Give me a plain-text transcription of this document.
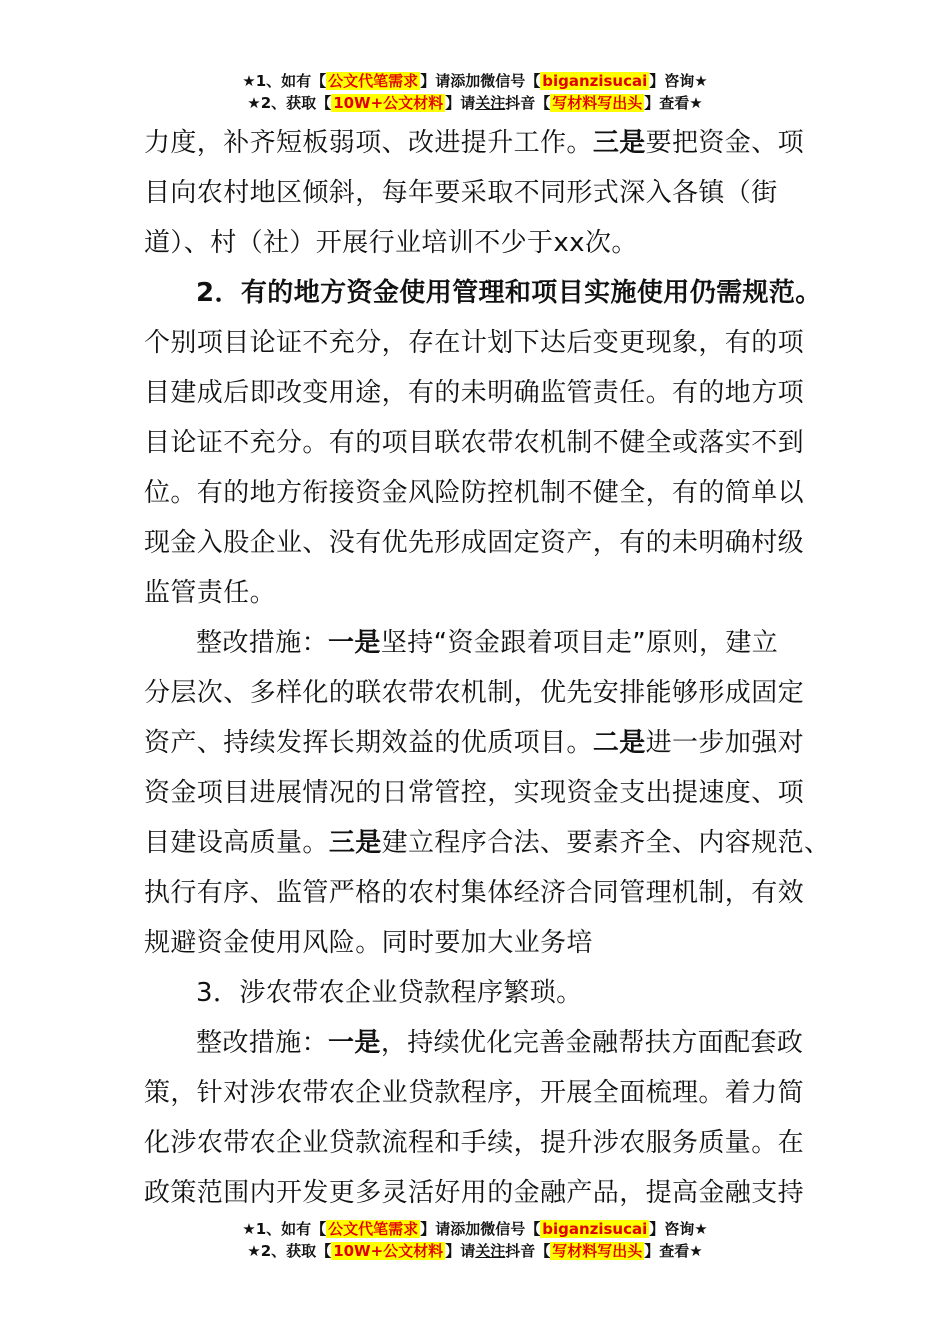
★1、如有【 公文代笔需求 】请添加微信号【 biganzisucai 】咨询★
★2、获取【 10W+公文材料 】请关注抖音【 写材料写出头 】查看★
力度，补齐短板弱项、改进提升工作。三是要把资金、项
目向农村地区倾斜，每年要采取不同形式深入各镇（街
道）、村（社）开展行业培训不少于xx次。
2．有的地方资金使用管理和项目实施使用仍需规范。
个别项目论证不充分，存在计划下达后变更现象，有的项
目建成后即改变用途，有的未明确监管责任。有的地方项
目论证不充分。有的项目联农带农机制不健全或落实不到
位。有的地方衔接资金风险防控机制不健全，有的简单以
现金入股企业、没有优先形成固定资产，有的未明确村级
监管责任。
整改措施：一是坚持“资金跟着项目走”原则，建立
分层次、多样化的联农带农机制，优先安排能够形成固定
资产、持续发挥长期效益的优质项目。二是进一步加强对
资金项目进展情况的日常管控，实现资金支出提速度、项
目建设高质量。三是建立程序合法、要素齐全、内容规范、
执行有序、监管严格的农村集体经济合同管理机制，有效
规避资金使用风险。同时要加大业务培
3．涉农带农企业贷款程序繁琐。
整改措施：一是，持续优化完善金融帮扶方面配套政
策，针对涉农带农企业贷款程序，开展全面梳理。着力简
化涉农带农企业贷款流程和手续，提升涉农服务质量。在
政策范围内开发更多灵活好用的金融产品，提高金融支持
★1、如有【 公文代笔需求 】请添加微信号【 biganzisucai 】咨询★
★2、获取【 10W+公文材料 】请关注抖音【 写材料写出头 】查看★
